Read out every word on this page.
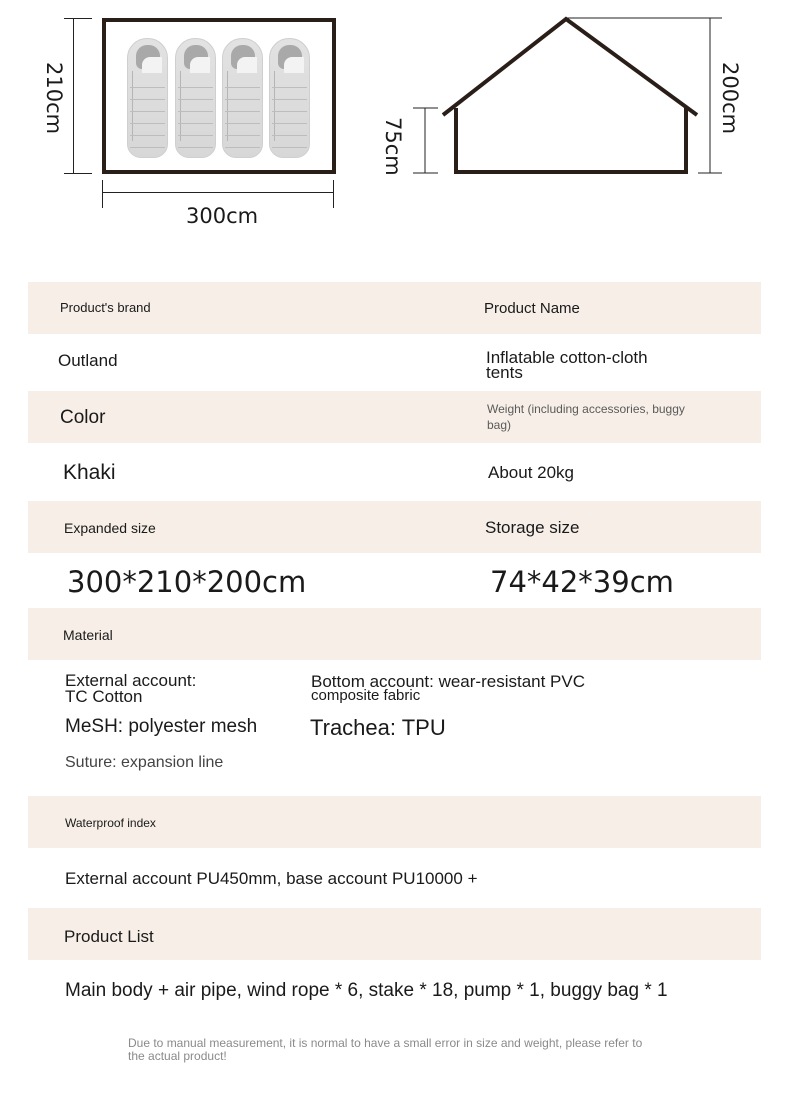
210cm
300cm
75cm
200cm
Product's brand	Product Name
Outland	Inflatable cotton-cloth
tents
Color	Weight (including accessories, buggy
bag)
Khaki	About 20kg
Expanded size	Storage size
300*210*200cm	74*42*39cm
Material
External account:
TC Cotton
Bottom account: wear-resistant PVC
composite fabric
MeSH: polyester mesh Trachea: TPU
Suture: expansion line
Waterproof index
External account PU450mm, base account PU10000 +
Product List
Main body + air pipe, wind rope * 6, stake * 18, pump * 1, buggy bag * 1
Due to manual measurement, it is normal to have a small error in size and weight, please refer to
the actual product!
